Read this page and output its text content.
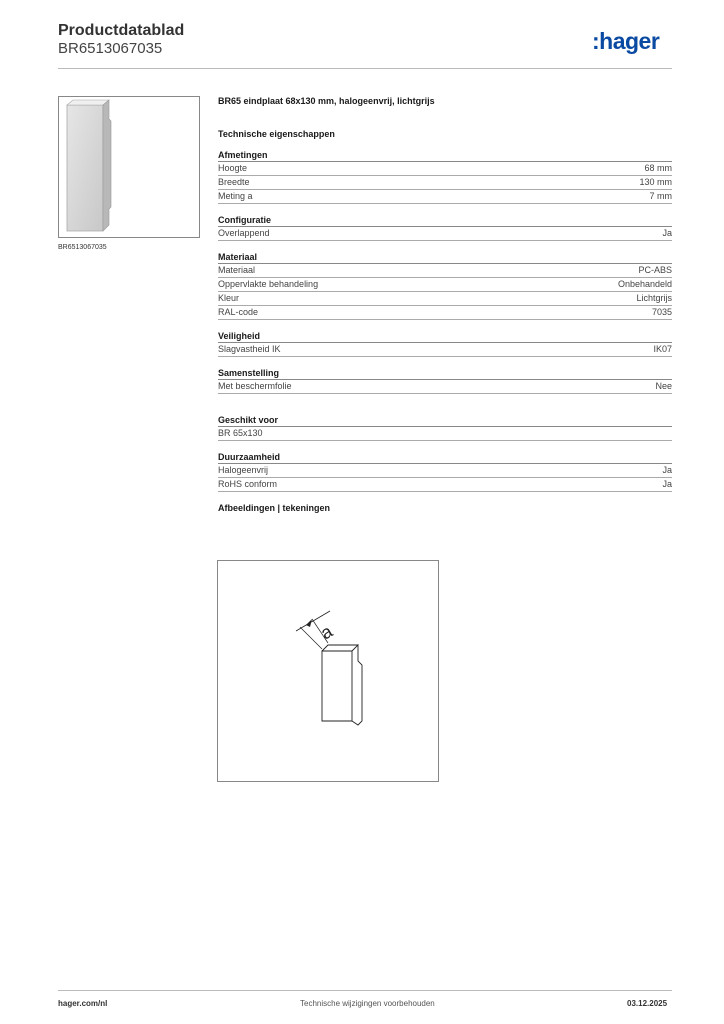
Productdatablad
BR6513067035	:hager
BR6513067035
BR65 eindplaat 68x130 mm, halogeenvrij, lichtgrijs
Technische eigenschappen
Afmetingen
Hoogte	68 mm
Breedte	130 mm
Meting a	7 mm
Configuratie
Overlappend	Ja
Materiaal
Materiaal	PC-ABS
Oppervlakte behandeling	Onbehandeld
Kleur	Lichtgrijs
RAL-code	7035
Veiligheid
Slagvastheid IK	IK07
Samenstelling
Met beschermfolie	Nee
Geschikt voor
BR 65x130
Duurzaamheid
Halogeenvrij	Ja
RoHS conform	Ja
Afbeeldingen | tekeningen
a
hager.com/nl	Technische wijzigingen voorbehouden	03.12.2025
